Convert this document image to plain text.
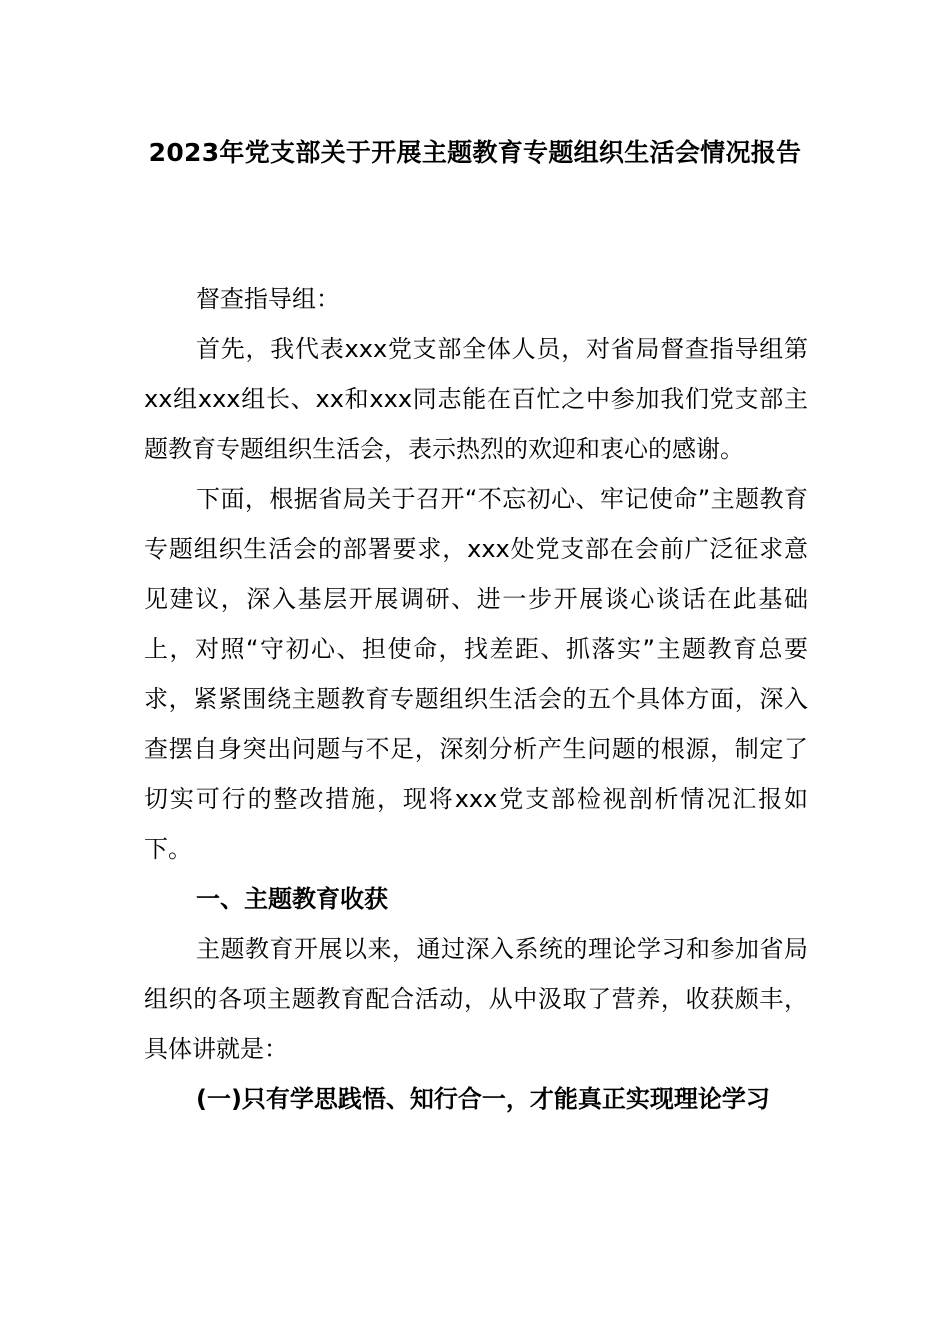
2023年党支部关于开展主题教育专题组织生活会情况报告

督查指导组：

首先，我代表xxx党支部全体人员，对省局督查指导组第xx组xxx组长、xx和xxx同志能在百忙之中参加我们党支部主题教育专题组织生活会，表示热烈的欢迎和衷心的感谢。

下面，根据省局关于召开“不忘初心、牢记使命”主题教育专题组织生活会的部署要求，xxx处党支部在会前广泛征求意见建议，深入基层开展调研、进一步开展谈心谈话在此基础上，对照“守初心、担使命，找差距、抓落实”主题教育总要求，紧紧围绕主题教育专题组织生活会的五个具体方面，深入查摆自身突出问题与不足，深刻分析产生问题的根源，制定了切实可行的整改措施，现将xxx党支部检视剖析情况汇报如下。

一、主题教育收获

主题教育开展以来，通过深入系统的理论学习和参加省局组织的各项主题教育配合活动，从中汲取了营养，收获颇丰，具体讲就是：

(一)只有学思践悟、知行合一，才能真正实现理论学习
